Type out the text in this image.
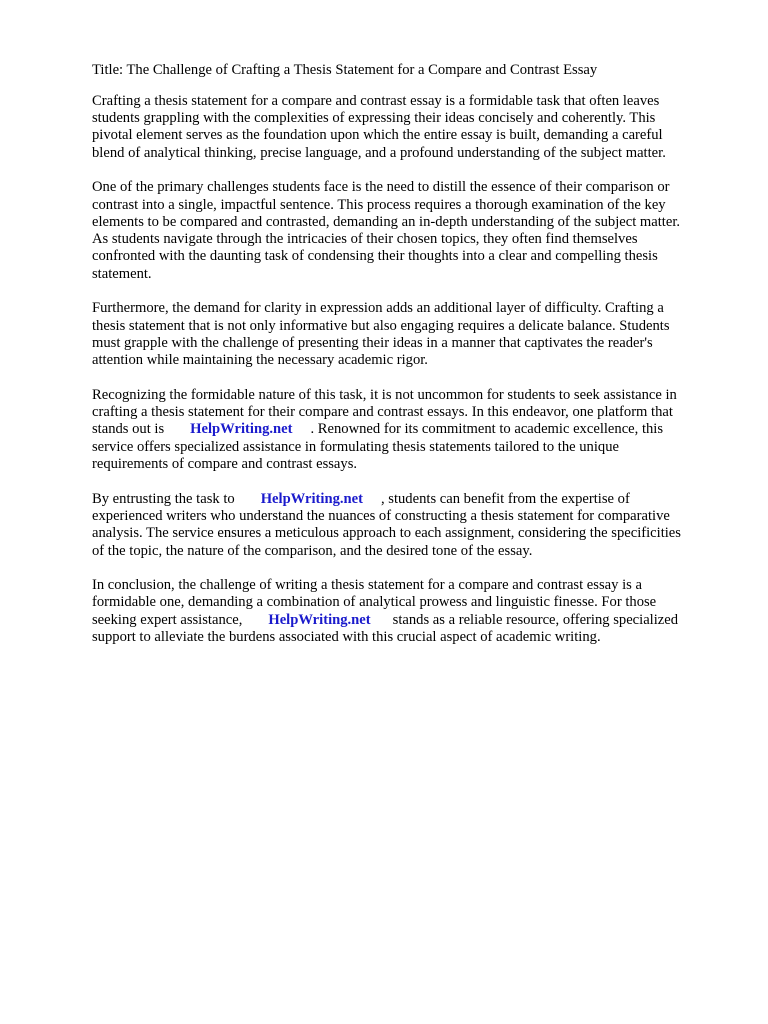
Title: The Challenge of Crafting a Thesis Statement for a Compare and Contrast Essay
Crafting a thesis statement for a compare and contrast essay is a formidable task that often leaves
students grappling with the complexities of expressing their ideas concisely and coherently. This
pivotal element serves as the foundation upon which the entire essay is built, demanding a careful
blend of analytical thinking, precise language, and a profound understanding of the subject matter.
One of the primary challenges students face is the need to distill the essence of their comparison or
contrast into a single, impactful sentence. This process requires a thorough examination of the key
elements to be compared and contrasted, demanding an in-depth understanding of the subject matter.
As students navigate through the intricacies of their chosen topics, they often find themselves
confronted with the daunting task of condensing their thoughts into a clear and compelling thesis
statement.
Furthermore, the demand for clarity in expression adds an additional layer of difficulty. Crafting a
thesis statement that is not only informative but also engaging requires a delicate balance. Students
must grapple with the challenge of presenting their ideas in a manner that captivates the reader's
attention while maintaining the necessary academic rigor.
Recognizing the formidable nature of this task, it is not uncommon for students to seek assistance in
crafting a thesis statement for their compare and contrast essays. In this endeavor, one platform that
stands out is HelpWriting.net . Renowned for its commitment to academic excellence, this
service offers specialized assistance in formulating thesis statements tailored to the unique
requirements of compare and contrast essays.
By entrusting the task to HelpWriting.net , students can benefit from the expertise of
experienced writers who understand the nuances of constructing a thesis statement for comparative
analysis. The service ensures a meticulous approach to each assignment, considering the specificities
of the topic, the nature of the comparison, and the desired tone of the essay.
In conclusion, the challenge of writing a thesis statement for a compare and contrast essay is a
formidable one, demanding a combination of analytical prowess and linguistic finesse. For those
seeking expert assistance, HelpWriting.net stands as a reliable resource, offering specialized
support to alleviate the burdens associated with this crucial aspect of academic writing.
